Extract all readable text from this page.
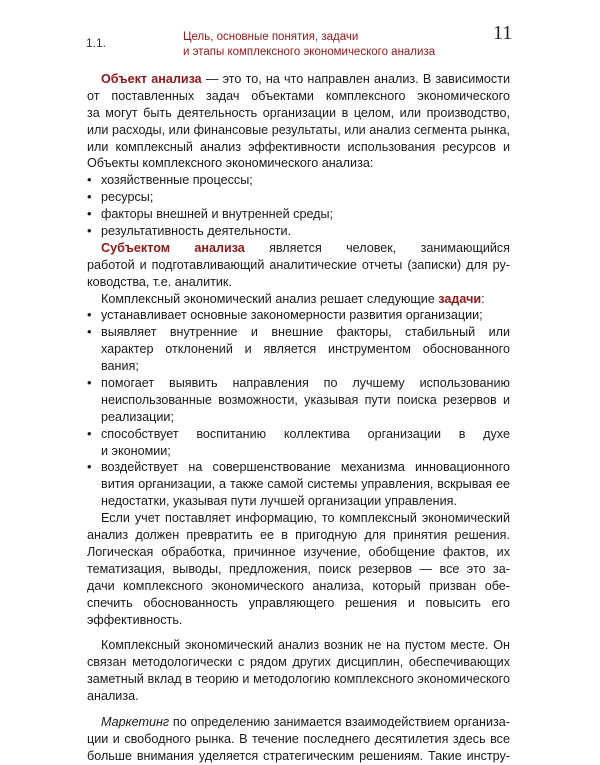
1.1.	Цель, основные понятия, задачи
и этапы комплексного экономического анализа
11
Объект анализа — это то, на что направлен анализ. В зависимости
от поставленных задач объектами комплексного экономического
за могут быть деятельность организации в целом, или производство,
или расходы, или финансовые результаты, или анализ сегмента рынка,
или комплексный анализ эффективности использования ресурсов и
Объекты комплексного экономического анализа:
• хозяйственные процессы;
• ресурсы;
• факторы внешней и внутренней среды;
• результативность деятельности.
Субъектом анализа является человек, занимающийся
работой и подготавливающий аналитические отчеты (записки) для ру-
ководства, т.е. аналитик.
Комплексный экономический анализ решает следующие задачи:
• устанавливает основные закономерности развития организации;
• выявляет внутренние и внешние факторы, стабильный или
характер отклонений и является инструментом обоснованного
вания;
• помогает выявить направления по лучшему использованию
неиспользованные возможности, указывая пути поиска резервов и
реализации;
• способствует воспитанию коллектива организации в духе
и экономии;
• воздействует на совершенствование механизма инновационного
вития организации, а также самой системы управления, вскрывая ее
недостатки, указывая пути лучшей организации управления.
Если учет поставляет информацию, то комплексный экономический
анализ должен превратить ее в пригодную для принятия решения.
Логическая обработка, причинное изучение, обобщение фактов, их
тематизация, выводы, предложения, поиск резервов — все это за-
дачи комплексного экономического анализа, который призван обе-
спечить обоснованность управляющего решения и повысить его
эффективность.
Комплексный экономический анализ возник не на пустом месте. Он
связан методологически с рядом других дисциплин, обеспечивающих
заметный вклад в теорию и методологию комплексного экономического
анализа.
Маркетинг по определению занимается взаимодействием организа-
ции и свободного рынка. В течение последнего десятилетия здесь все
больше внимания уделяется стратегическим решениям. Такие инстру-
